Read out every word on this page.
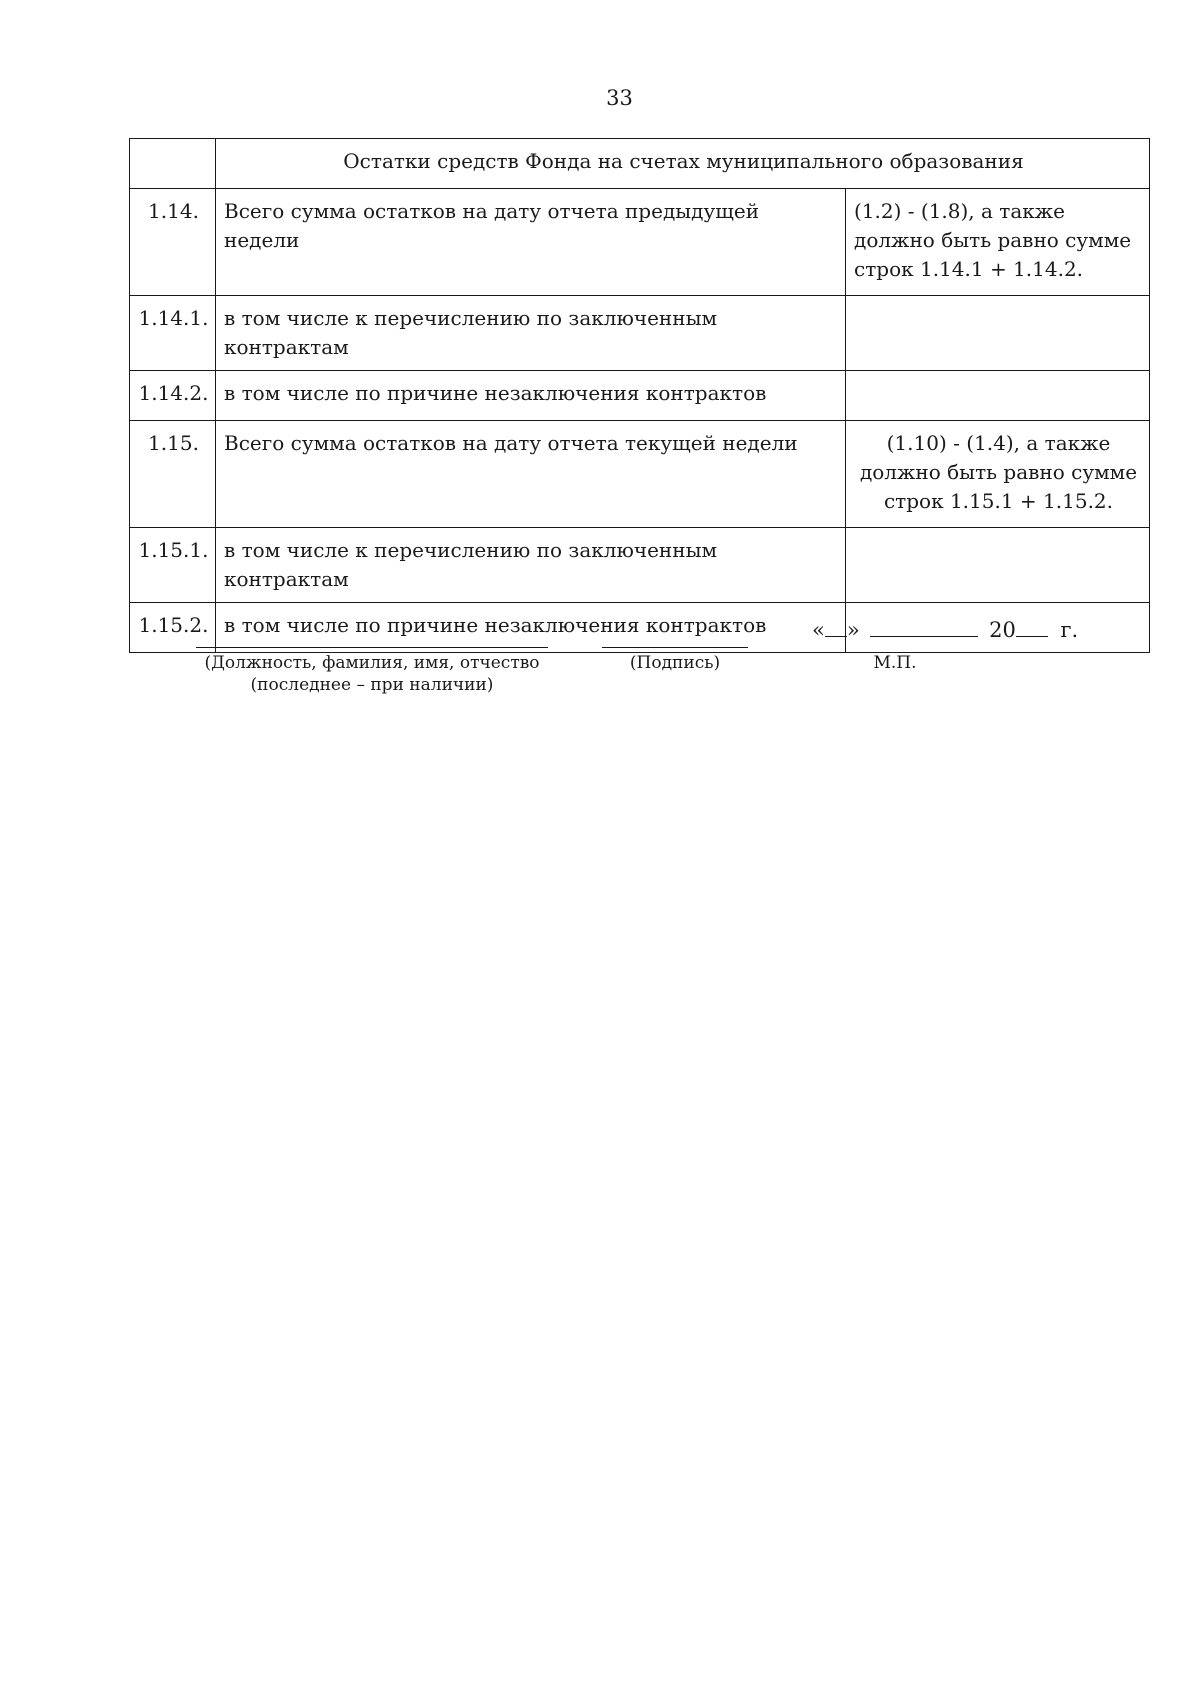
33
	Остатки средств Фонда на счетах муниципального образования	
1.14.	Всего сумма остатков на дату отчета предыдущей недели	(1.2) - (1.8), а также должно быть равно сумме строк 1.14.1 + 1.14.2.
1.14.1.	в том числе к перечислению по заключенным контрактам	
1.14.2.	в том числе по причине незаключения контрактов	
1.15.	Всего сумма остатков на дату отчета текущей недели	(1.10) - (1.4), а также должно быть равно сумме строк 1.15.1 + 1.15.2.
1.15.1.	в том числе к перечислению по заключенным контрактам	
1.15.2.	в том числе по причине незаключения контрактов	
(Должность, фамилия, имя, отчество
(последнее – при наличии)
(Подпись)
« »	20 г.
М.П.
